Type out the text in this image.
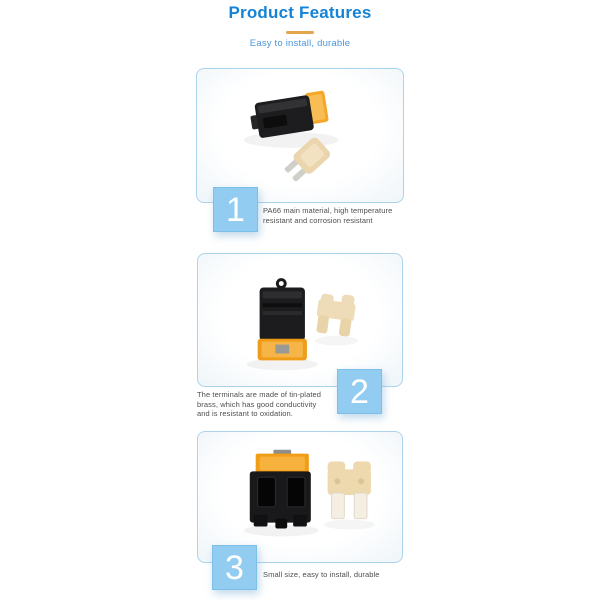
Product Features
Easy to install, durable
1	PA66 main material, high temperature
resistant and corrosion resistant
2
The terminals are made of tin-plated
brass, which has good conductivity
and is resistant to oxidation.
3	Small size, easy to install, durable
